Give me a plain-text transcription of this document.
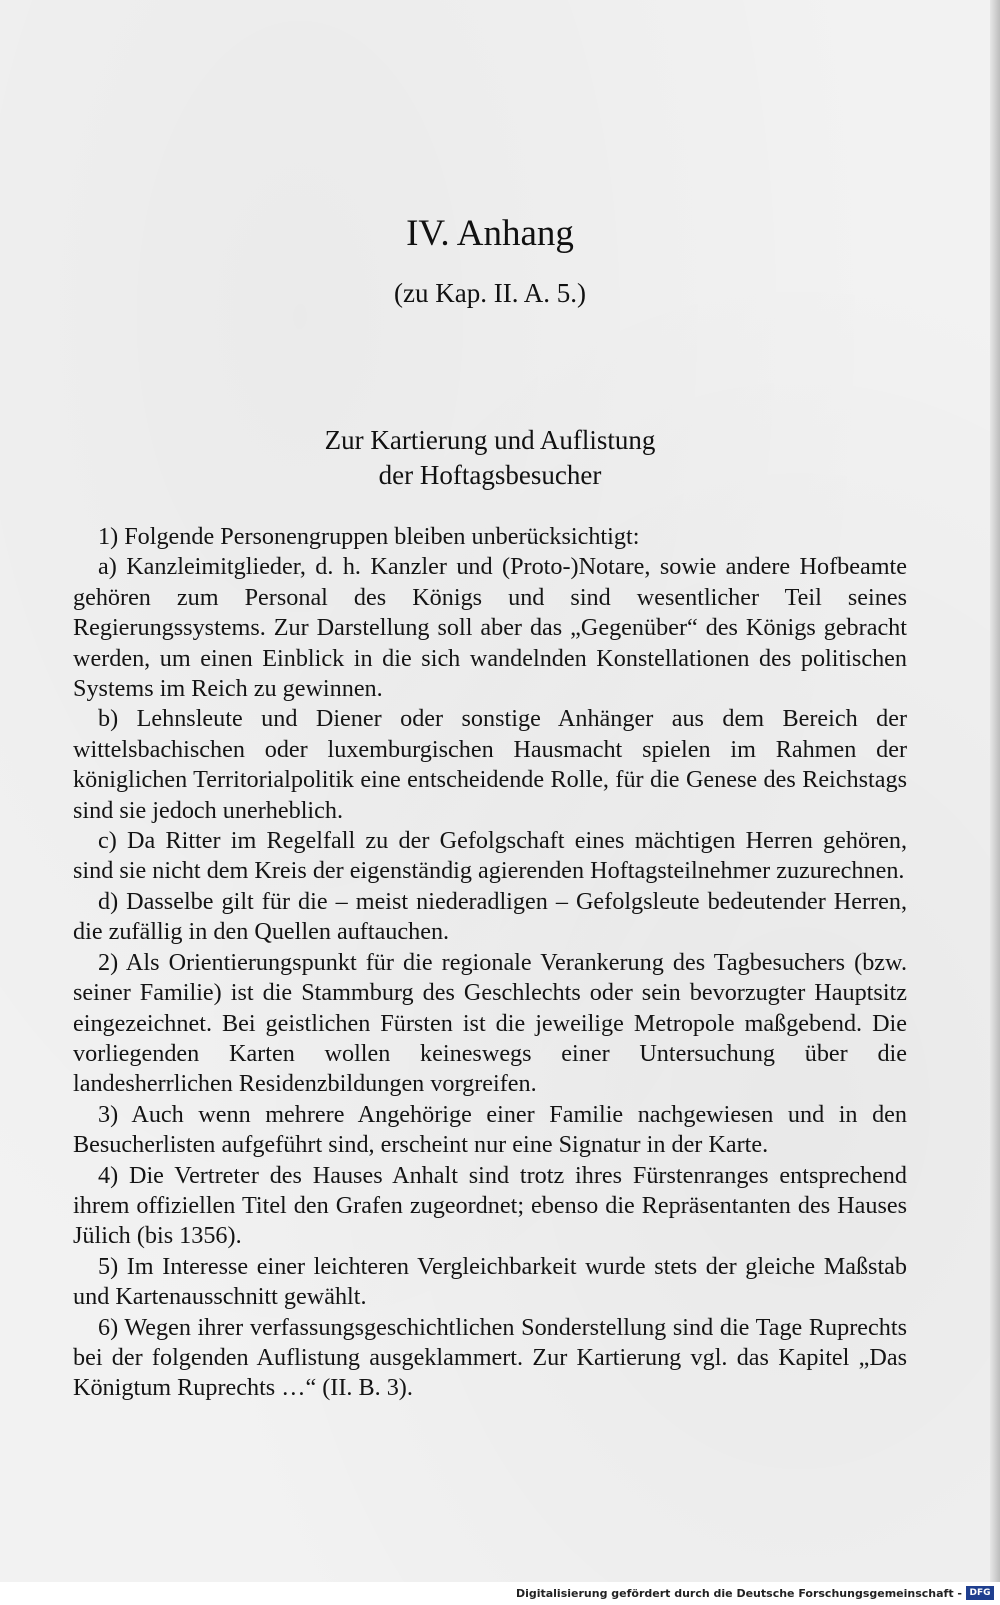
IV. Anhang
(zu Kap. II. A. 5.)
Zur Kartierung und Auflistung
der Hoftagsbesucher

1) Folgende Personengruppen bleiben unberücksichtigt:

a) Kanzleimitglieder, d. h. Kanzler und (Proto-)Notare, sowie andere Hofbeamte gehören zum Personal des Königs und sind wesentlicher Teil seines Regierungssystems. Zur Darstellung soll aber das „Gegenüber“ des Königs gebracht werden, um einen Einblick in die sich wandelnden Konstellationen des politischen Systems im Reich zu gewinnen.

b) Lehnsleute und Diener oder sonstige Anhänger aus dem Bereich der wittelsbachischen oder luxemburgischen Hausmacht spielen im Rahmen der königlichen Territorialpolitik eine entscheidende Rolle, für die Genese des Reichstags sind sie jedoch unerheblich.

c) Da Ritter im Regelfall zu der Gefolgschaft eines mächtigen Herren gehören, sind sie nicht dem Kreis der eigenständig agierenden Hoftagsteilnehmer zuzurechnen.

d) Dasselbe gilt für die – meist niederadligen – Gefolgsleute bedeutender Herren, die zufällig in den Quellen auftauchen.

2) Als Orientierungspunkt für die regionale Verankerung des Tagbesuchers (bzw. seiner Familie) ist die Stammburg des Geschlechts oder sein bevorzugter Hauptsitz eingezeichnet. Bei geistlichen Fürsten ist die jeweilige Metropole maßgebend. Die vorliegenden Karten wollen keineswegs einer Untersuchung über die landesherrlichen Residenzbildungen vorgreifen.

3) Auch wenn mehrere Angehörige einer Familie nachgewiesen und in den Besucherlisten aufgeführt sind, erscheint nur eine Signatur in der Karte.

4) Die Vertreter des Hauses Anhalt sind trotz ihres Fürstenranges entsprechend ihrem offiziellen Titel den Grafen zugeordnet; ebenso die Repräsentanten des Hauses Jülich (bis 1356).

5) Im Interesse einer leichteren Vergleichbarkeit wurde stets der gleiche Maßstab und Kartenausschnitt gewählt.

6) Wegen ihrer verfassungsgeschichtlichen Sonderstellung sind die Tage Ruprechts bei der folgenden Auflistung ausgeklammert. Zur Kartierung vgl. das Kapitel „Das Königtum Ruprechts …“ (II. B. 3).

Digitalisierung gefördert durch die Deutsche Forschungsgemeinschaft - DFG
